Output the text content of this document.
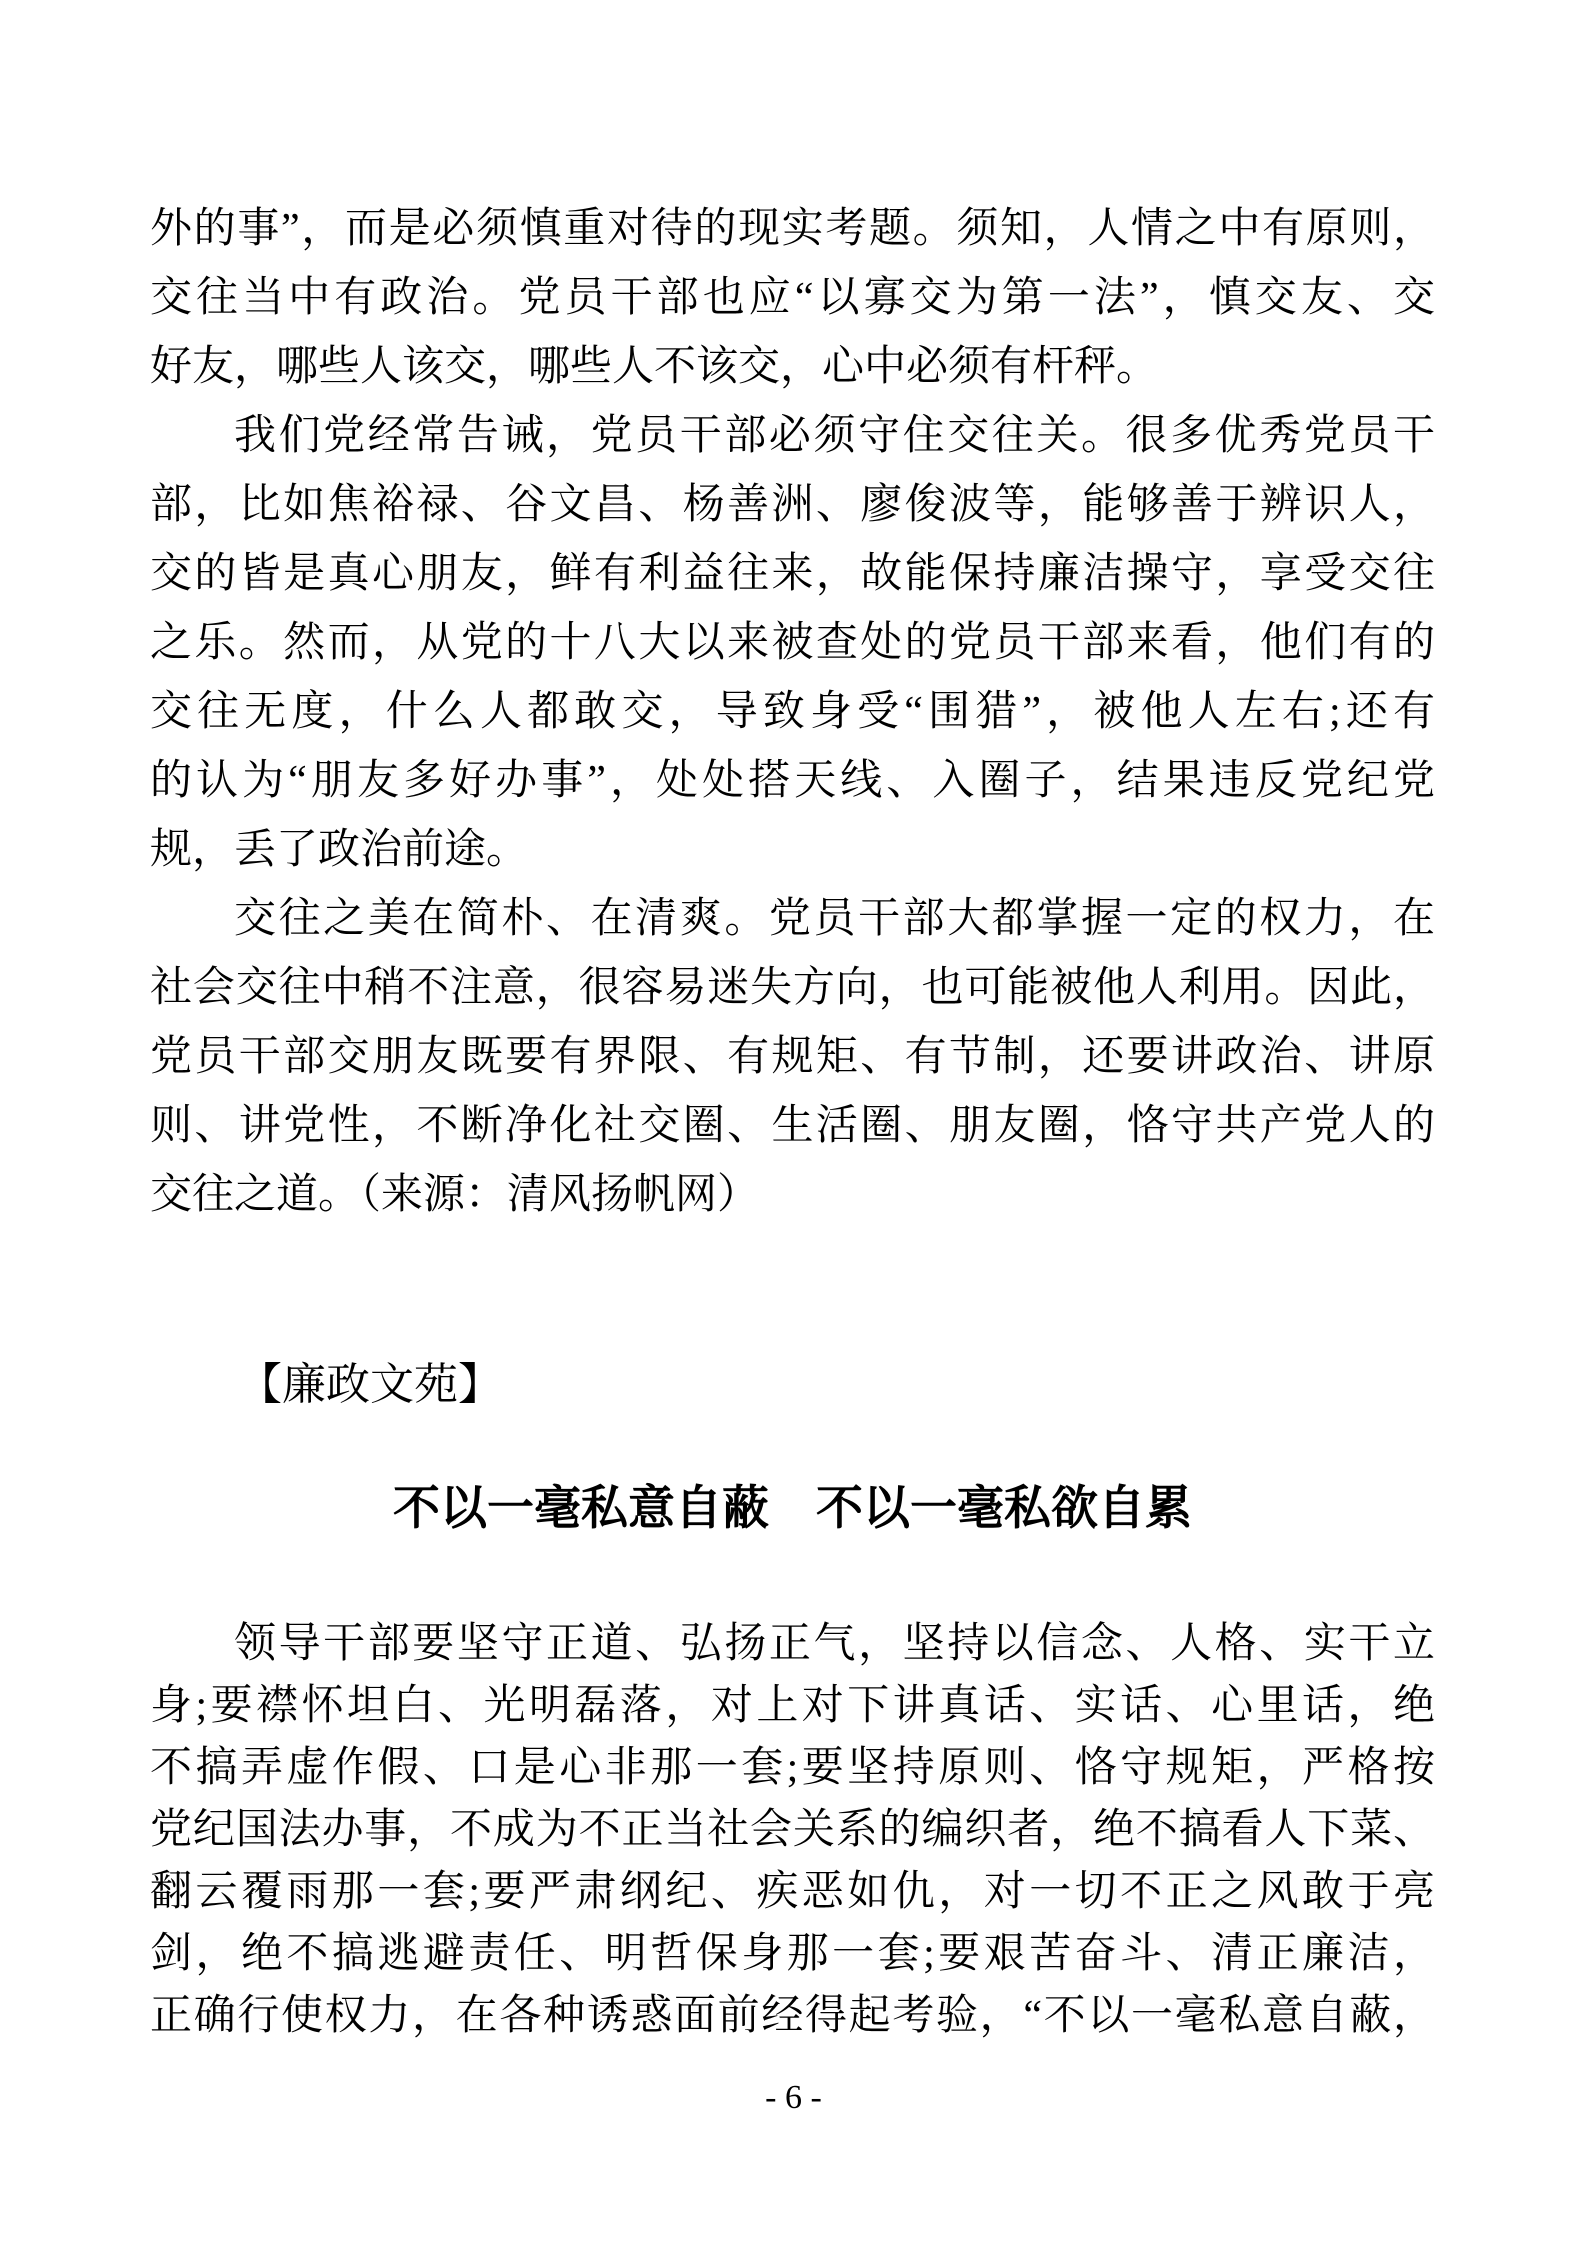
外的事”，而是必须慎重对待的现实考题。须知，人情之中有原则，
交往当中有政治。党员干部也应“以寡交为第一法”，慎交友、交
好友，哪些人该交，哪些人不该交，心中必须有杆秤。
我们党经常告诫，党员干部必须守住交往关。很多优秀党员干
部，比如焦裕禄、谷文昌、杨善洲、廖俊波等，能够善于辨识人，
交的皆是真心朋友，鲜有利益往来，故能保持廉洁操守，享受交往
之乐。然而，从党的十八大以来被查处的党员干部来看，他们有的
交往无度，什么人都敢交，导致身受“围猎”，被他人左右;还有
的认为“朋友多好办事”，处处搭天线、入圈子，结果违反党纪党
规，丢了政治前途。
交往之美在简朴、在清爽。党员干部大都掌握一定的权力，在
社会交往中稍不注意，很容易迷失方向，也可能被他人利用。因此，
党员干部交朋友既要有界限、有规矩、有节制，还要讲政治、讲原
则、讲党性，不断净化社交圈、生活圈、朋友圈，恪守共产党人的
交往之道。（来源：清风扬帆网）
【廉政文苑】
不以一毫私意自蔽　不以一毫私欲自累
领导干部要坚守正道、弘扬正气，坚持以信念、人格、实干立
身;要襟怀坦白、光明磊落，对上对下讲真话、实话、心里话，绝
不搞弄虚作假、口是心非那一套;要坚持原则、恪守规矩，严格按
党纪国法办事，不成为不正当社会关系的编织者，绝不搞看人下菜、
翻云覆雨那一套;要严肃纲纪、疾恶如仇，对一切不正之风敢于亮
剑，绝不搞逃避责任、明哲保身那一套;要艰苦奋斗、清正廉洁，
正确行使权力，在各种诱惑面前经得起考验，“不以一毫私意自蔽，
- 6 -
